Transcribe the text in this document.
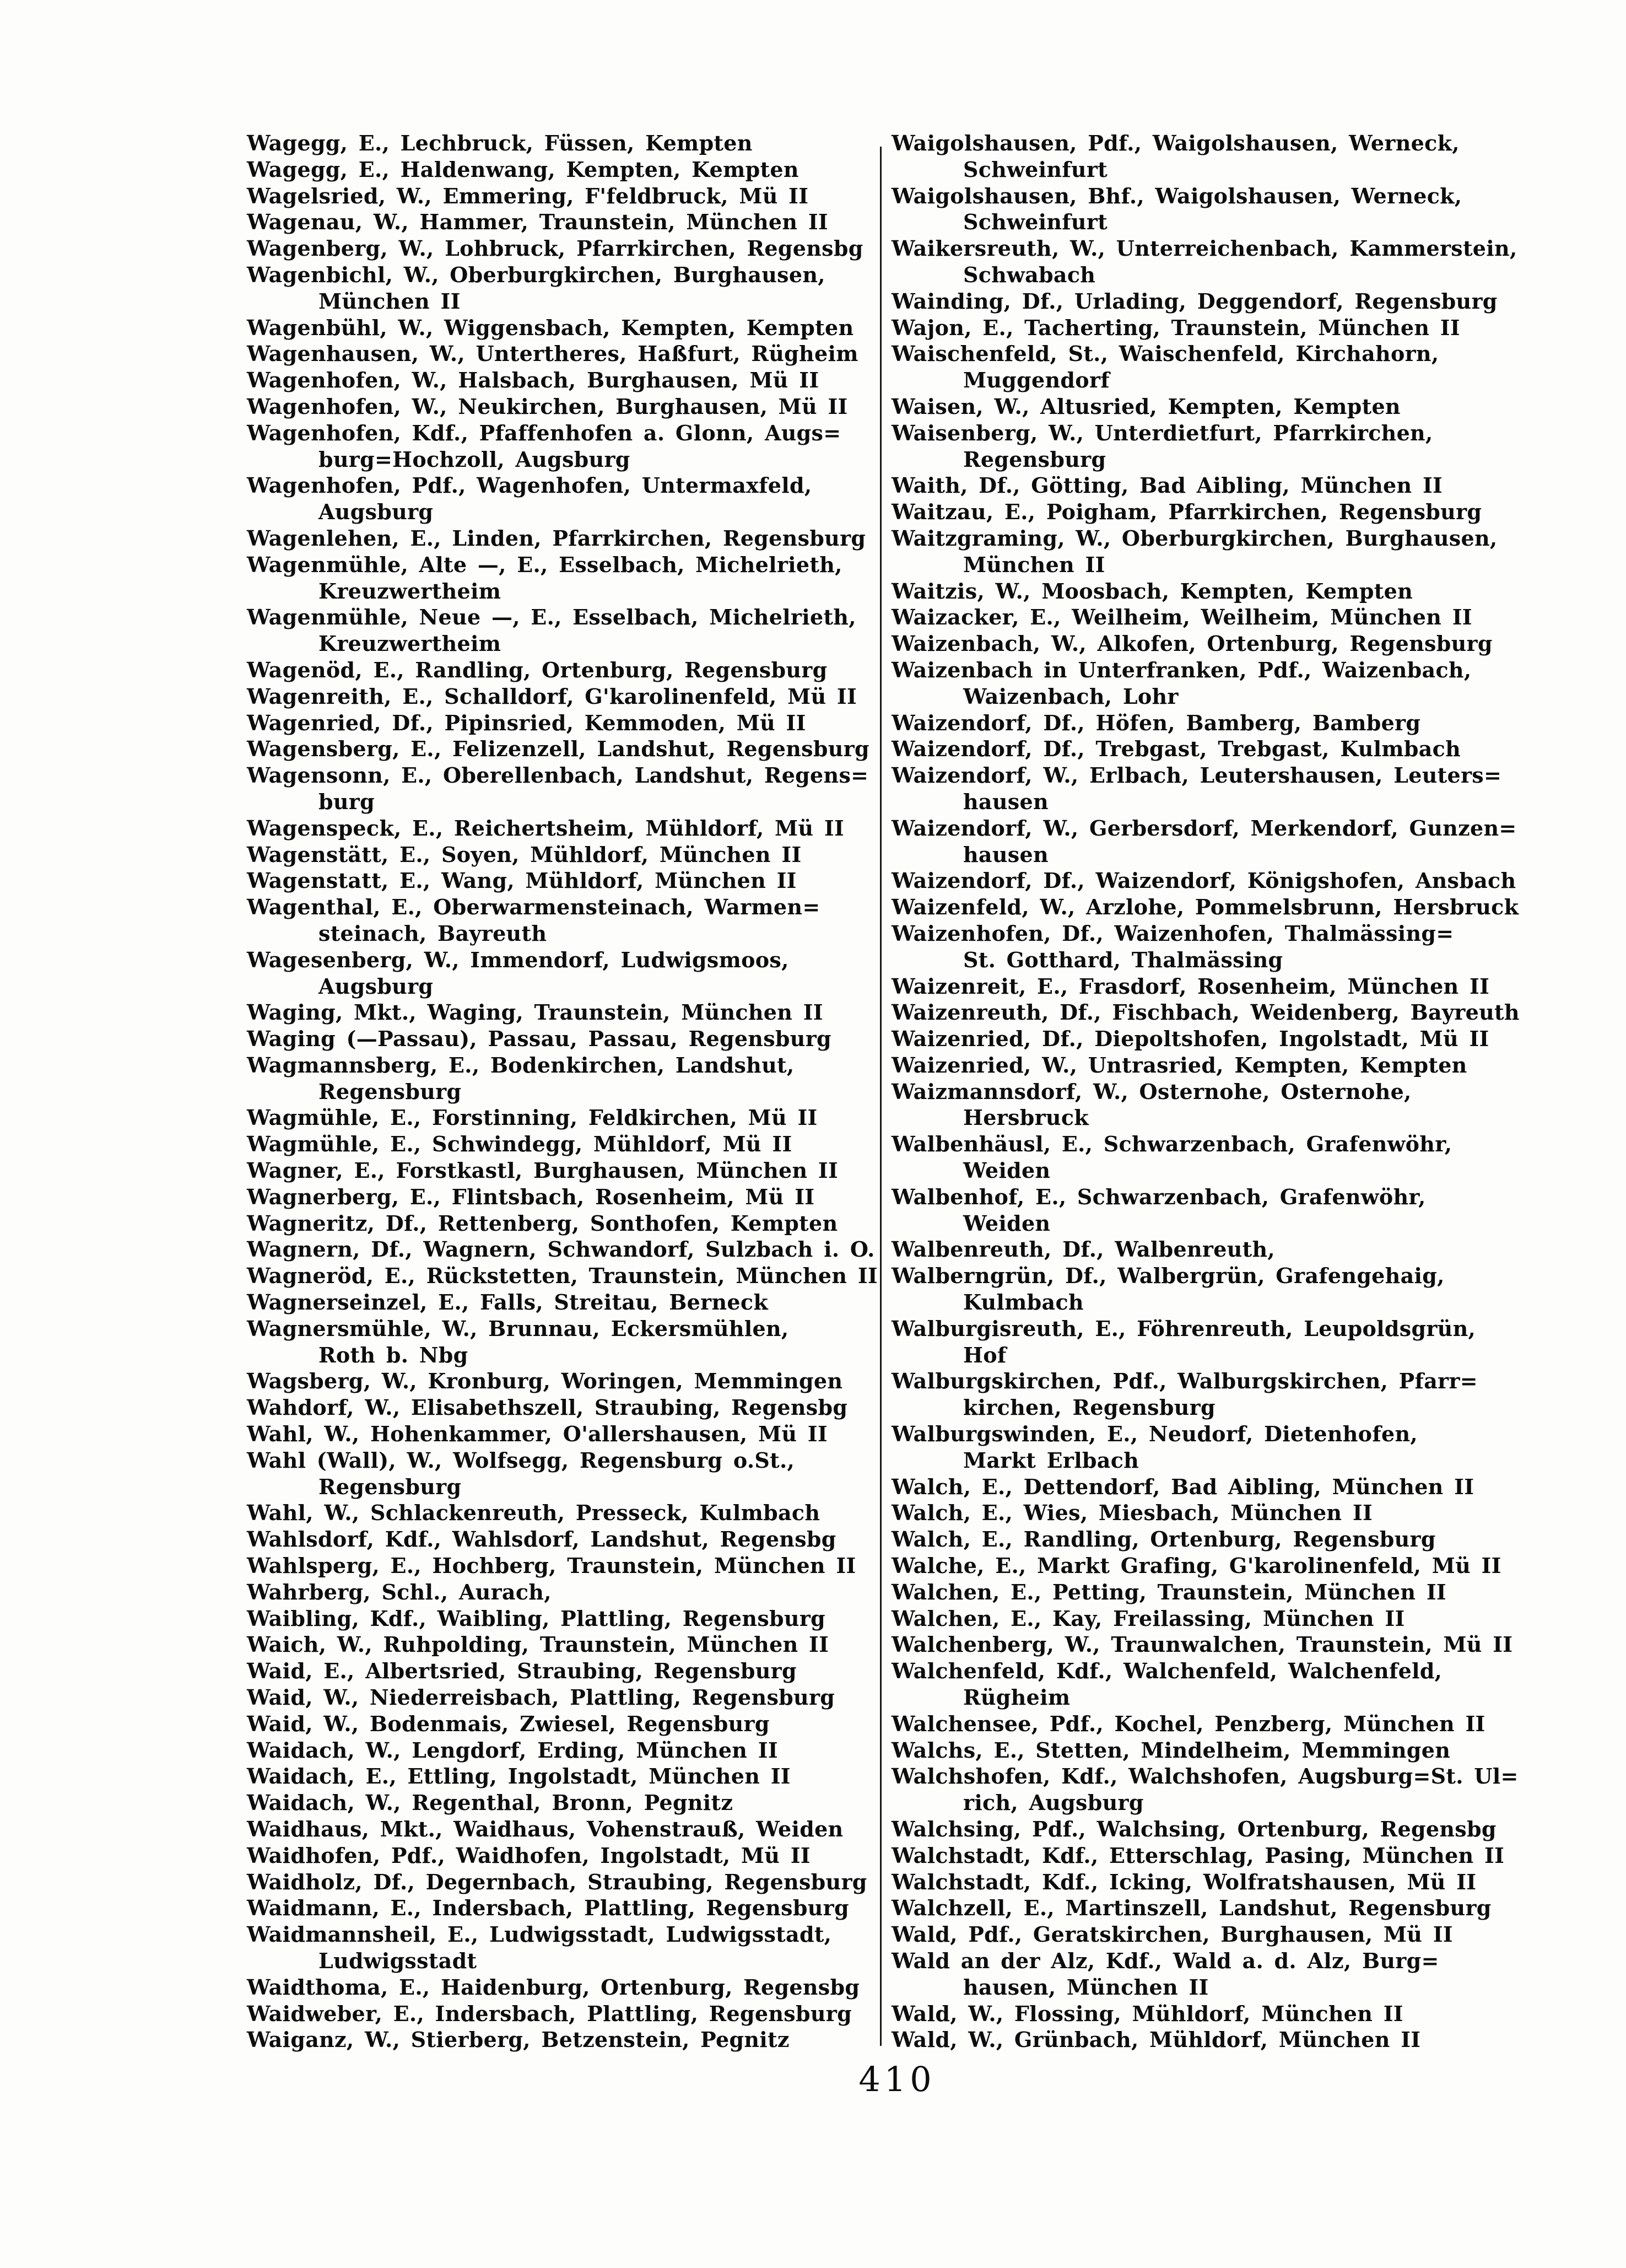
Wagegg, E., Lechbruck, Füssen, Kempten
Wagegg, E., Haldenwang, Kempten, Kempten
Wagelsried, W., Emmering, F'feldbruck, Mü II
Wagenau, W., Hammer, Traunstein, München II
Wagenberg, W., Lohbruck, Pfarrkirchen, Regensbg
Wagenbichl, W., Oberburgkirchen, Burghausen,
München II
Wagenbühl, W., Wiggensbach, Kempten, Kempten
Wagenhausen, W., Untertheres, Haßfurt, Rügheim
Wagenhofen, W., Halsbach, Burghausen, Mü II
Wagenhofen, W., Neukirchen, Burghausen, Mü II
Wagenhofen, Kdf., Pfaffenhofen a. Glonn, Augs=
burg=Hochzoll, Augsburg
Wagenhofen, Pdf., Wagenhofen, Untermaxfeld,
Augsburg
Wagenlehen, E., Linden, Pfarrkirchen, Regensburg
Wagenmühle, Alte —, E., Esselbach, Michelrieth,
Kreuzwertheim
Wagenmühle, Neue —, E., Esselbach, Michelrieth,
Kreuzwertheim
Wagenöd, E., Randling, Ortenburg, Regensburg
Wagenreith, E., Schalldorf, G'karolinenfeld, Mü II
Wagenried, Df., Pipinsried, Kemmoden, Mü II
Wagensberg, E., Felizenzell, Landshut, Regensburg
Wagensonn, E., Oberellenbach, Landshut, Regens=
burg
Wagenspeck, E., Reichertsheim, Mühldorf, Mü II
Wagenstätt, E., Soyen, Mühldorf, München II
Wagenstatt, E., Wang, Mühldorf, München II
Wagenthal, E., Oberwarmensteinach, Warmen=
steinach, Bayreuth
Wagesenberg, W., Immendorf, Ludwigsmoos,
Augsburg
Waging, Mkt., Waging, Traunstein, München II
Waging (—Passau), Passau, Passau, Regensburg
Wagmannsberg, E., Bodenkirchen, Landshut,
Regensburg
Wagmühle, E., Forstinning, Feldkirchen, Mü II
Wagmühle, E., Schwindegg, Mühldorf, Mü II
Wagner, E., Forstkastl, Burghausen, München II
Wagnerberg, E., Flintsbach, Rosenheim, Mü II
Wagneritz, Df., Rettenberg, Sonthofen, Kempten
Wagnern, Df., Wagnern, Schwandorf, Sulzbach i. O.
Wagneröd, E., Rückstetten, Traunstein, München II
Wagnerseinzel, E., Falls, Streitau, Berneck
Wagnersmühle, W., Brunnau, Eckersmühlen,
Roth b. Nbg
Wagsberg, W., Kronburg, Woringen, Memmingen
Wahdorf, W., Elisabethszell, Straubing, Regensbg
Wahl, W., Hohenkammer, O'allershausen, Mü II
Wahl (Wall), W., Wolfsegg, Regensburg o.St.,
Regensburg
Wahl, W., Schlackenreuth, Presseck, Kulmbach
Wahlsdorf, Kdf., Wahlsdorf, Landshut, Regensbg
Wahlsperg, E., Hochberg, Traunstein, München II
Wahrberg, Schl., Aurach,
Waibling, Kdf., Waibling, Plattling, Regensburg
Waich, W., Ruhpolding, Traunstein, München II
Waid, E., Albertsried, Straubing, Regensburg
Waid, W., Niederreisbach, Plattling, Regensburg
Waid, W., Bodenmais, Zwiesel, Regensburg
Waidach, W., Lengdorf, Erding, München II
Waidach, E., Ettling, Ingolstadt, München II
Waidach, W., Regenthal, Bronn, Pegnitz
Waidhaus, Mkt., Waidhaus, Vohenstrauß, Weiden
Waidhofen, Pdf., Waidhofen, Ingolstadt, Mü II
Waidholz, Df., Degernbach, Straubing, Regensburg
Waidmann, E., Indersbach, Plattling, Regensburg
Waidmannsheil, E., Ludwigsstadt, Ludwigsstadt,
Ludwigsstadt
Waidthoma, E., Haidenburg, Ortenburg, Regensbg
Waidweber, E., Indersbach, Plattling, Regensburg
Waiganz, W., Stierberg, Betzenstein, Pegnitz
Waigolshausen, Pdf., Waigolshausen, Werneck,
Schweinfurt
Waigolshausen, Bhf., Waigolshausen, Werneck,
Schweinfurt
Waikersreuth, W., Unterreichenbach, Kammerstein,
Schwabach
Wainding, Df., Urlading, Deggendorf, Regensburg
Wajon, E., Tacherting, Traunstein, München II
Waischenfeld, St., Waischenfeld, Kirchahorn,
Muggendorf
Waisen, W., Altusried, Kempten, Kempten
Waisenberg, W., Unterdietfurt, Pfarrkirchen,
Regensburg
Waith, Df., Götting, Bad Aibling, München II
Waitzau, E., Poigham, Pfarrkirchen, Regensburg
Waitzgraming, W., Oberburgkirchen, Burghausen,
München II
Waitzis, W., Moosbach, Kempten, Kempten
Waizacker, E., Weilheim, Weilheim, München II
Waizenbach, W., Alkofen, Ortenburg, Regensburg
Waizenbach in Unterfranken, Pdf., Waizenbach,
Waizenbach, Lohr
Waizendorf, Df., Höfen, Bamberg, Bamberg
Waizendorf, Df., Trebgast, Trebgast, Kulmbach
Waizendorf, W., Erlbach, Leutershausen, Leuters=
hausen
Waizendorf, W., Gerbersdorf, Merkendorf, Gunzen=
hausen
Waizendorf, Df., Waizendorf, Königshofen, Ansbach
Waizenfeld, W., Arzlohe, Pommelsbrunn, Hersbruck
Waizenhofen, Df., Waizenhofen, Thalmässing=
St. Gotthard, Thalmässing
Waizenreit, E., Frasdorf, Rosenheim, München II
Waizenreuth, Df., Fischbach, Weidenberg, Bayreuth
Waizenried, Df., Diepoltshofen, Ingolstadt, Mü II
Waizenried, W., Untrasried, Kempten, Kempten
Waizmannsdorf, W., Osternohe, Osternohe,
Hersbruck
Walbenhäusl, E., Schwarzenbach, Grafenwöhr,
Weiden
Walbenhof, E., Schwarzenbach, Grafenwöhr,
Weiden
Walbenreuth, Df., Walbenreuth,
Walberngrün, Df., Walbergrün, Grafengehaig,
Kulmbach
Walburgisreuth, E., Föhrenreuth, Leupoldsgrün,
Hof
Walburgskirchen, Pdf., Walburgskirchen, Pfarr=
kirchen, Regensburg
Walburgswinden, E., Neudorf, Dietenhofen,
Markt Erlbach
Walch, E., Dettendorf, Bad Aibling, München II
Walch, E., Wies, Miesbach, München II
Walch, E., Randling, Ortenburg, Regensburg
Walche, E., Markt Grafing, G'karolinenfeld, Mü II
Walchen, E., Petting, Traunstein, München II
Walchen, E., Kay, Freilassing, München II
Walchenberg, W., Traunwalchen, Traunstein, Mü II
Walchenfeld, Kdf., Walchenfeld, Walchenfeld,
Rügheim
Walchensee, Pdf., Kochel, Penzberg, München II
Walchs, E., Stetten, Mindelheim, Memmingen
Walchshofen, Kdf., Walchshofen, Augsburg=St. Ul=
rich, Augsburg
Walchsing, Pdf., Walchsing, Ortenburg, Regensbg
Walchstadt, Kdf., Etterschlag, Pasing, München II
Walchstadt, Kdf., Icking, Wolfratshausen, Mü II
Walchzell, E., Martinszell, Landshut, Regensburg
Wald, Pdf., Geratskirchen, Burghausen, Mü II
Wald an der Alz, Kdf., Wald a. d. Alz, Burg=
hausen, München II
Wald, W., Flossing, Mühldorf, München II
Wald, W., Grünbach, Mühldorf, München II
410
